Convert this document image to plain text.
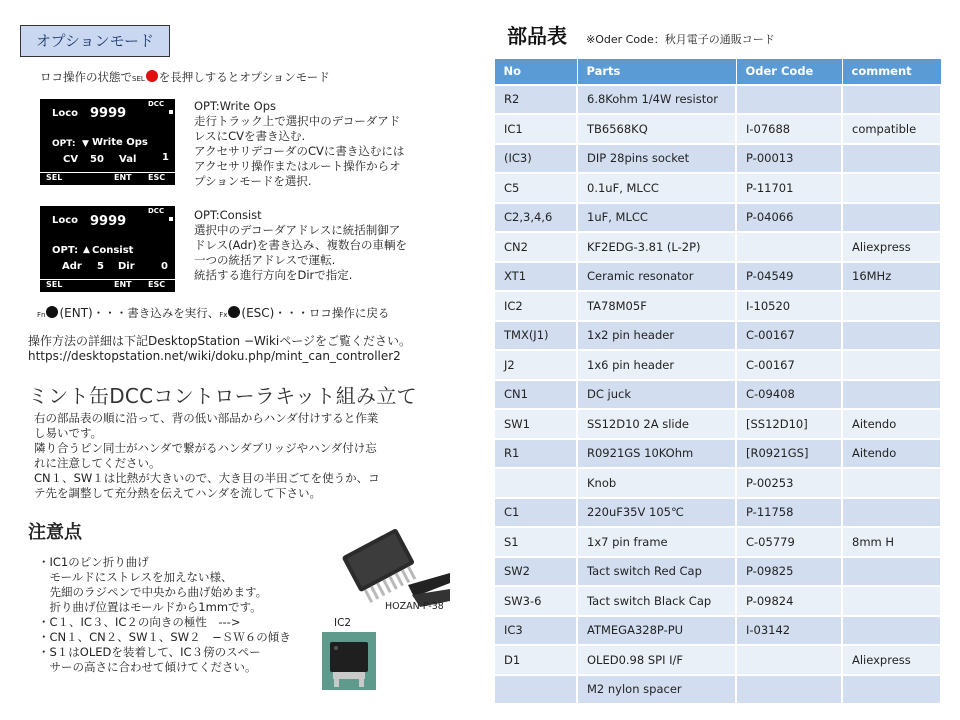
オプションモード
ロコ操作の状態でSEL を長押しするとオプションモード
Loco 9999
DCC
OPT: ▼ Write Ops
CV 50 Val	1
SEL	ENT ESC
Loco 9999
DCC
OPT: ▲ Consist
Adr 5 Dir	0
SEL	ENT ESC
OPT:Write Ops
走行トラック上で選択中のデコーダアド
レスにCVを書き込む.
アクセサリデコーダのCVに書き込むには
アクセサリ操作またはルート操作からオ
プションモードを選択.
OPT:Consist
選択中のデコーダアドレスに統括制御ア
ドレス(Adr)を書き込み、複数台の車輌を
一つの統括アドレスで運転.
統括する進行方向をDirで指定.
Fn (ENT)・・・書き込みを実行、Fx (ESC)・・・ロコ操作に戻る
操作方法の詳細は下記DesktopStation −Wikiページをご覧ください。
https://desktopstation.net/wiki/doku.php/mint_can_controller2
ミント缶DCCコントローラキット組み立て
右の部品表の順に沿って、背の低い部品からハンダ付けすると作業
し易いです。
隣り合うピン同士がハンダで繋がるハンダブリッジやハンダ付け忘
れに注意してください。
CN１、SW１は比熱が大きいので、大き目の半田ごてを使うか、コ
テ先を調整して充分熱を伝えてハンダを流して下さい。
注意点
・IC1のピン折り曲げ
　モールドにストレスを加えない様、
　先細のラジペンで中央から曲げ始めます。
　折り曲げ位置はモールドから1mmです。
・C１、IC３、IC２の向きの極性　--->
・CN１、CN２、SW１、SW２　−ＳＷ６の傾き
・S１はOLEDを装着して、IC３傍のスペー
　サーの高さに合わせて傾けてください。
HOZAN P-38
IC2
部品表 ※Oder Code：秋月電子の通販コード
No	Parts	Oder Code	comment
R2	6.8Kohm 1/4W resistor		
IC1	TB6568KQ	I-07688	compatible
(IC3)	DIP 28pins socket	P-00013	
C5	0.1uF, MLCC	P-11701	
C2,3,4,6	1uF, MLCC	P-04066	
CN2	KF2EDG-3.81 (L-2P)		Aliexpress
XT1	Ceramic resonator	P-04549	16MHz
IC2	TA78M05F	I-10520	
TMX(J1)	1x2 pin header	C-00167	
J2	1x6 pin header	C-00167	
CN1	DC juck	C-09408	
SW1	SS12D10 2A slide	[SS12D10]	Aitendo
R1	R0921GS 10KOhm	[R0921GS]	Aitendo
	Knob	P-00253	
C1	220uF35V 105℃	P-11758	
S1	1x7 pin frame	C-05779	8mm H
SW2	Tact switch Red Cap	P-09825	
SW3-6	Tact switch Black Cap	P-09824	
IC3	ATMEGA328P-PU	I-03142	
D1	OLED0.98 SPI I/F		Aliexpress
	M2 nylon spacer		
